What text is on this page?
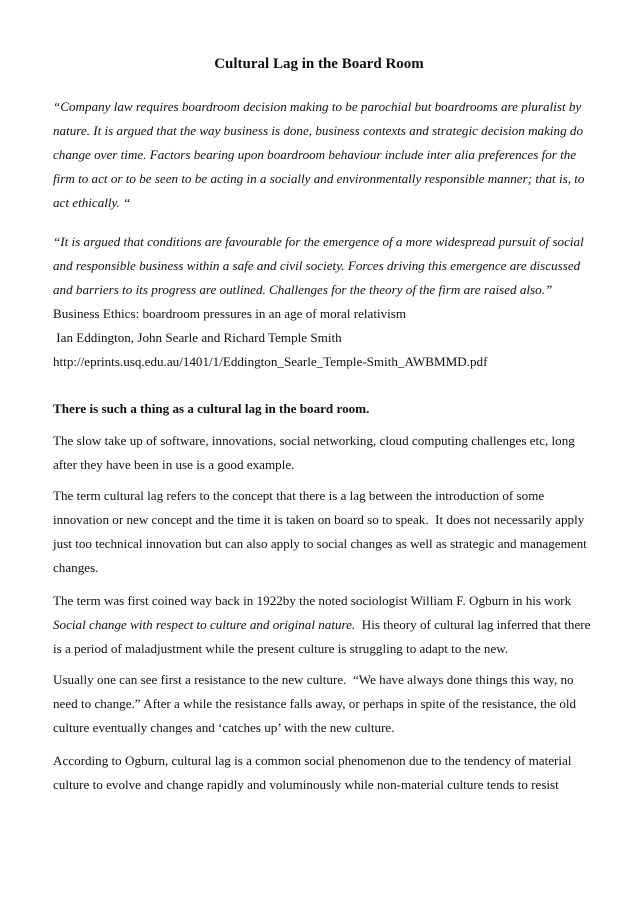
Cultural Lag in the Board Room
“Company law requires boardroom decision making to be parochial but boardrooms are pluralist by
nature. It is argued that the way business is done, business contexts and strategic decision making do
change over time. Factors bearing upon boardroom behaviour include inter alia preferences for the
firm to act or to be seen to be acting in a socially and environmentally responsible manner; that is, to
act ethically. “
“It is argued that conditions are favourable for the emergence of a more widespread pursuit of social
and responsible business within a safe and civil society. Forces driving this emergence are discussed
and barriers to its progress are outlined. Challenges for the theory of the firm are raised also.”
Business Ethics: boardroom pressures in an age of moral relativism
Ian Eddington, John Searle and Richard Temple Smith
http://eprints.usq.edu.au/1401/1/Eddington_Searle_Temple-Smith_AWBMMD.pdf
There is such a thing as a cultural lag in the board room.
The slow take up of software, innovations, social networking, cloud computing challenges etc, long
after they have been in use is a good example.
The term cultural lag refers to the concept that there is a lag between the introduction of some
innovation or new concept and the time it is taken on board so to speak.  It does not necessarily apply
just too technical innovation but can also apply to social changes as well as strategic and management
changes.
The term was first coined way back in 1922by the noted sociologist William F. Ogburn in his work
Social change with respect to culture and original nature.  His theory of cultural lag inferred that there
is a period of maladjustment while the present culture is struggling to adapt to the new.
Usually one can see first a resistance to the new culture.  “We have always done things this way, no
need to change.” After a while the resistance falls away, or perhaps in spite of the resistance, the old
culture eventually changes and ‘catches up’ with the new culture.
According to Ogburn, cultural lag is a common social phenomenon due to the tendency of material
culture to evolve and change rapidly and voluminously while non-material culture tends to resist
